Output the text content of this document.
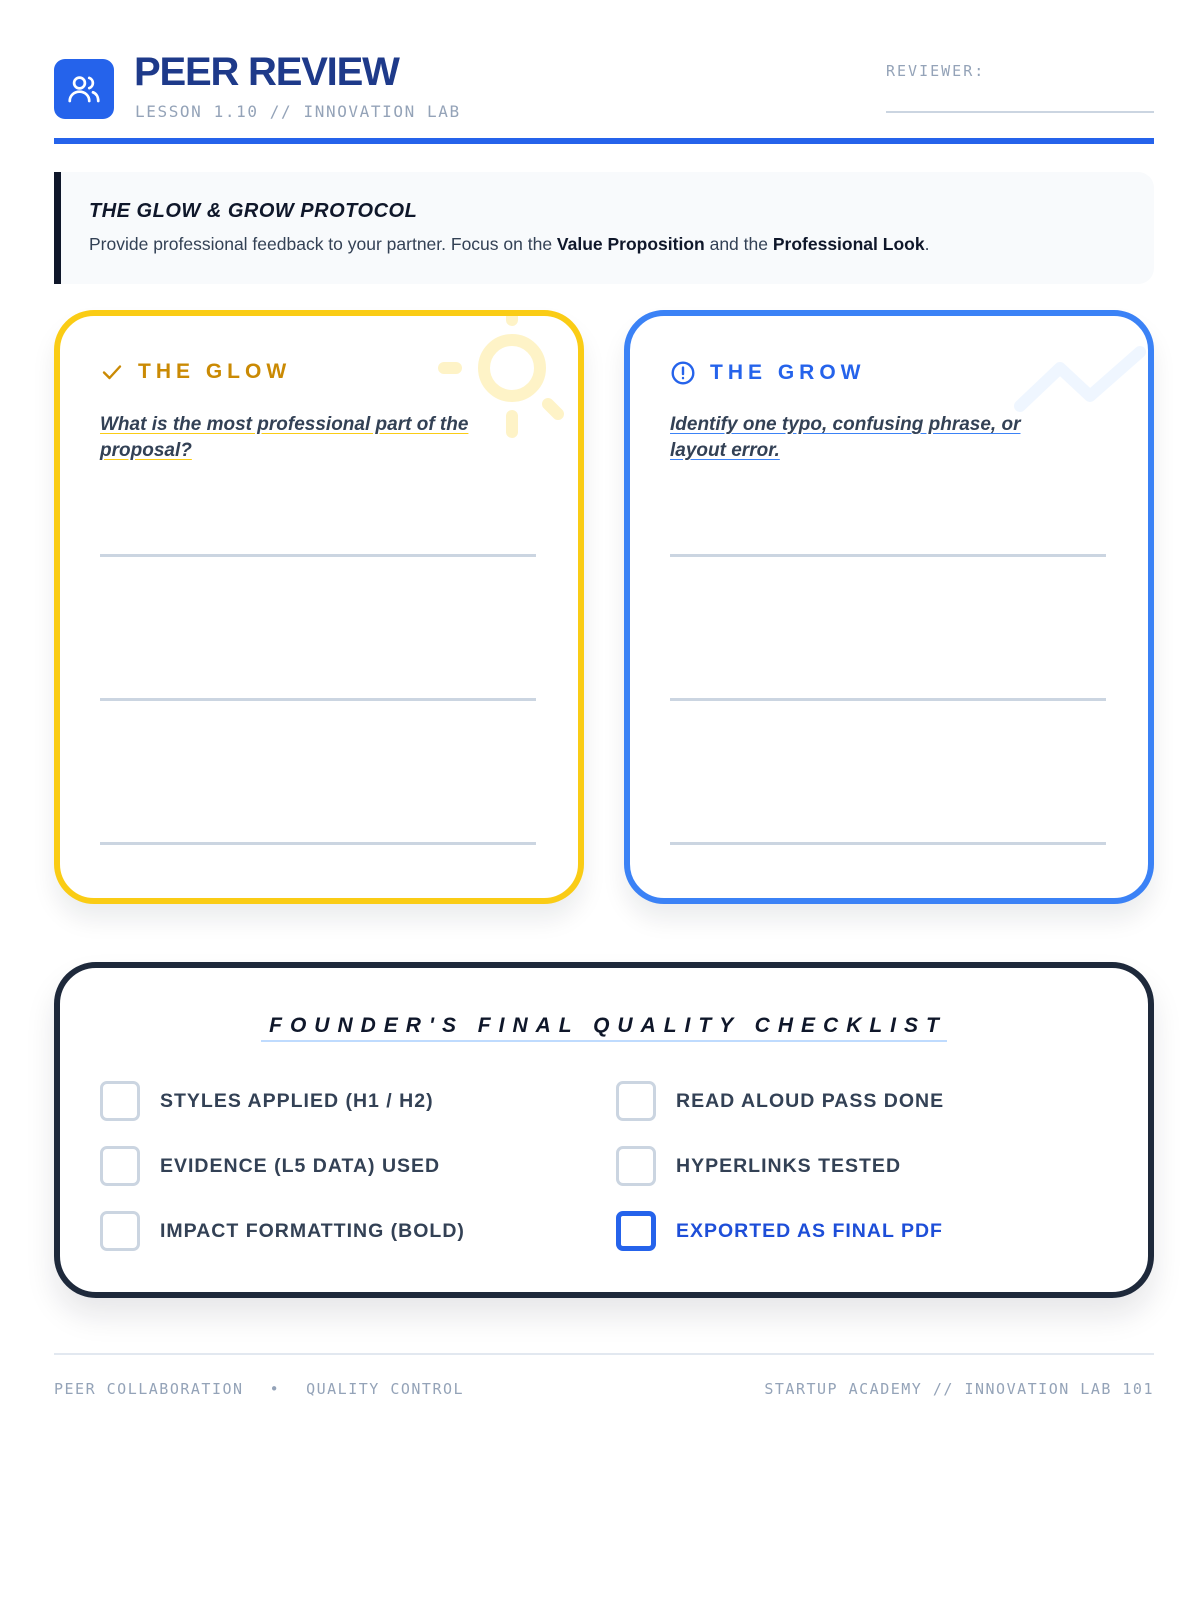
PEER REVIEW
LESSON 1.10 // INNOVATION LAB
REVIEWER:
THE GLOW & GROW PROTOCOL
Provide professional feedback to your partner. Focus on the Value Proposition and the Professional Look.
THE GLOW
What is the most professional part of the proposal?
THE GROW
Identify one typo, confusing phrase, or layout error.
FOUNDER'S FINAL QUALITY CHECKLIST
STYLES APPLIED (H1 / H2)
EVIDENCE (L5 DATA) USED
IMPACT FORMATTING (BOLD)
READ ALOUD PASS DONE
HYPERLINKS TESTED
EXPORTED AS FINAL PDF
PEER COLLABORATION • QUALITY CONTROL	STARTUP ACADEMY // INNOVATION LAB 101
